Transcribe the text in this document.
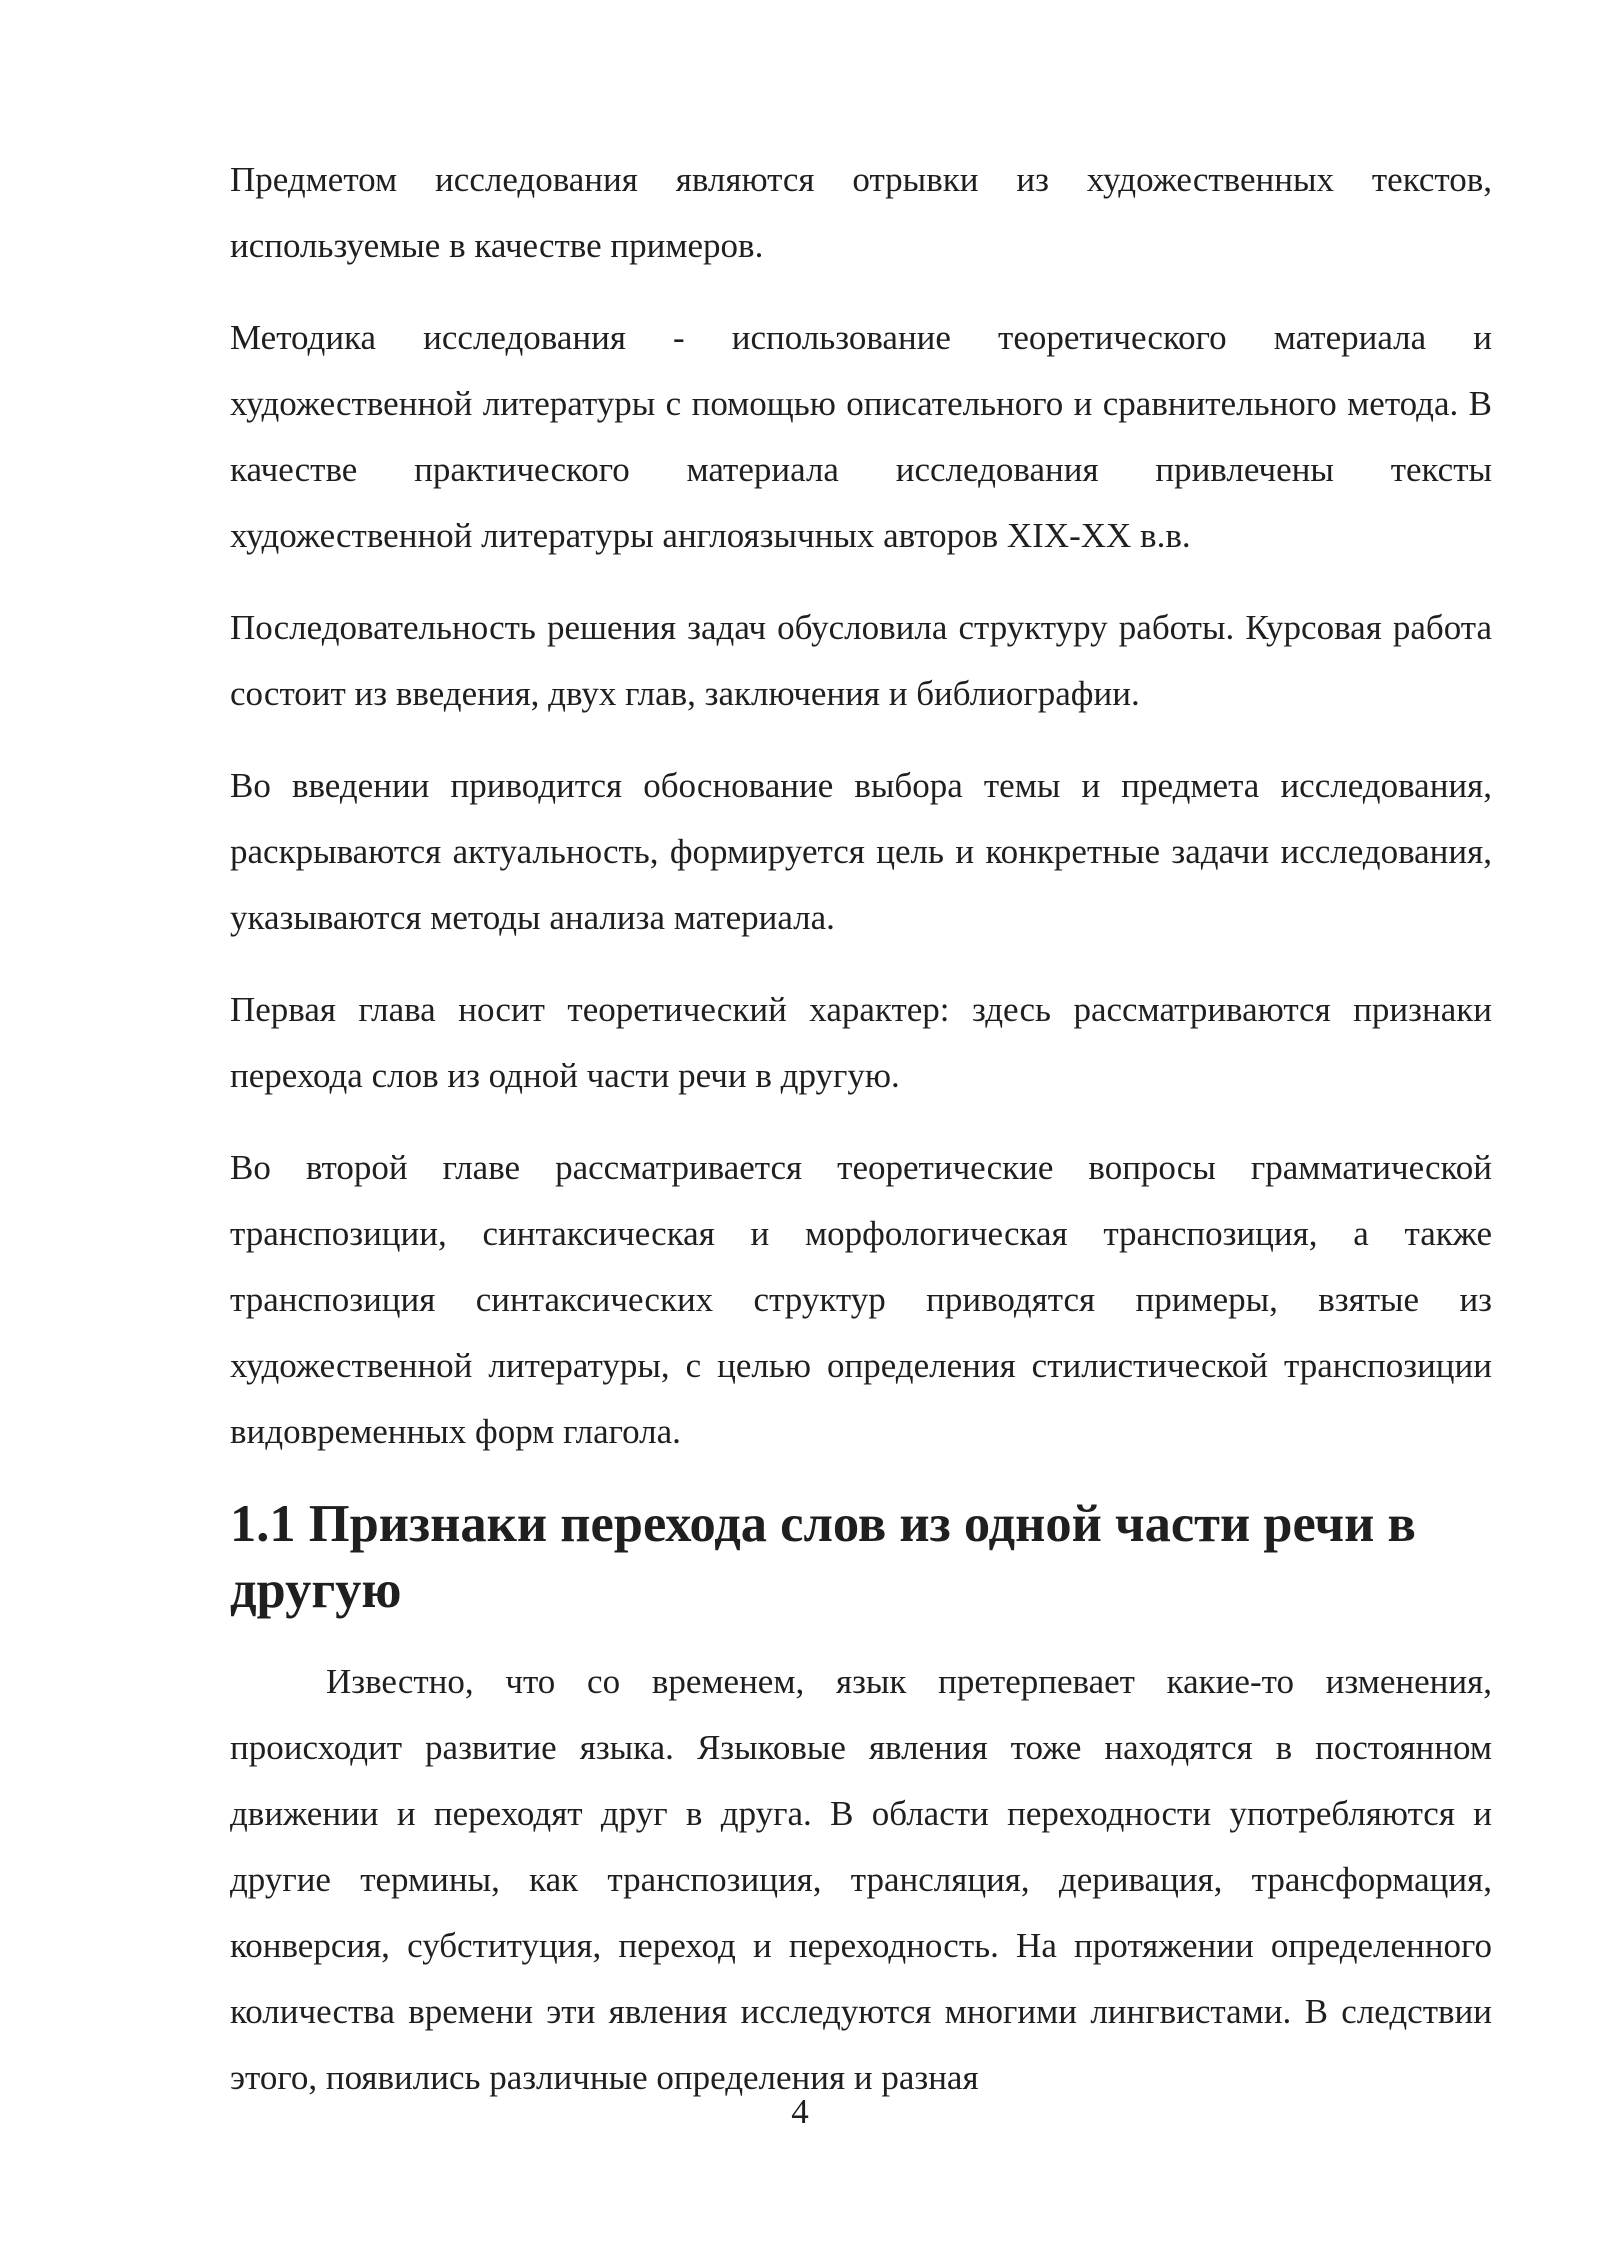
Предметом исследования являются отрывки из художественных текстов, используемые в качестве примеров.

Методика исследования - использование теоретического материала и художественной литературы с помощью описательного и сравнительного метода. В качестве практического материала исследования привлечены тексты художественной литературы англоязычных авторов XIX-XX в.в.

Последовательность решения задач обусловила структуру работы. Курсовая работа состоит из введения, двух глав, заключения и библиографии.

Во введении приводится обоснование выбора темы и предмета исследования, раскрываются актуальность, формируется цель и конкретные задачи исследования, указываются методы анализа материала.

Первая глава носит теоретический характер: здесь рассматриваются признаки перехода слов из одной части речи в другую.

Во второй главе рассматривается теоретические вопросы грамматической транспозиции, синтаксическая и морфологическая транспозиция, а также транспозиция синтаксических структур приводятся примеры, взятые из художественной литературы, с целью определения стилистической транспозиции видовременных форм глагола.

1.1 Признаки перехода слов из одной части речи в другую

Известно, что со временем, язык претерпевает какие-то изменения, происходит развитие языка. Языковые явления тоже находятся в постоянном движении и переходят друг в друга. В области переходности употребляются и другие термины, как транспозиция, трансляция, деривация, трансформация, конверсия, субституция, переход и переходность. На протяжении определенного количества времени эти явления исследуются многими лингвистами. В следствии этого, появились различные определения и разная

4
